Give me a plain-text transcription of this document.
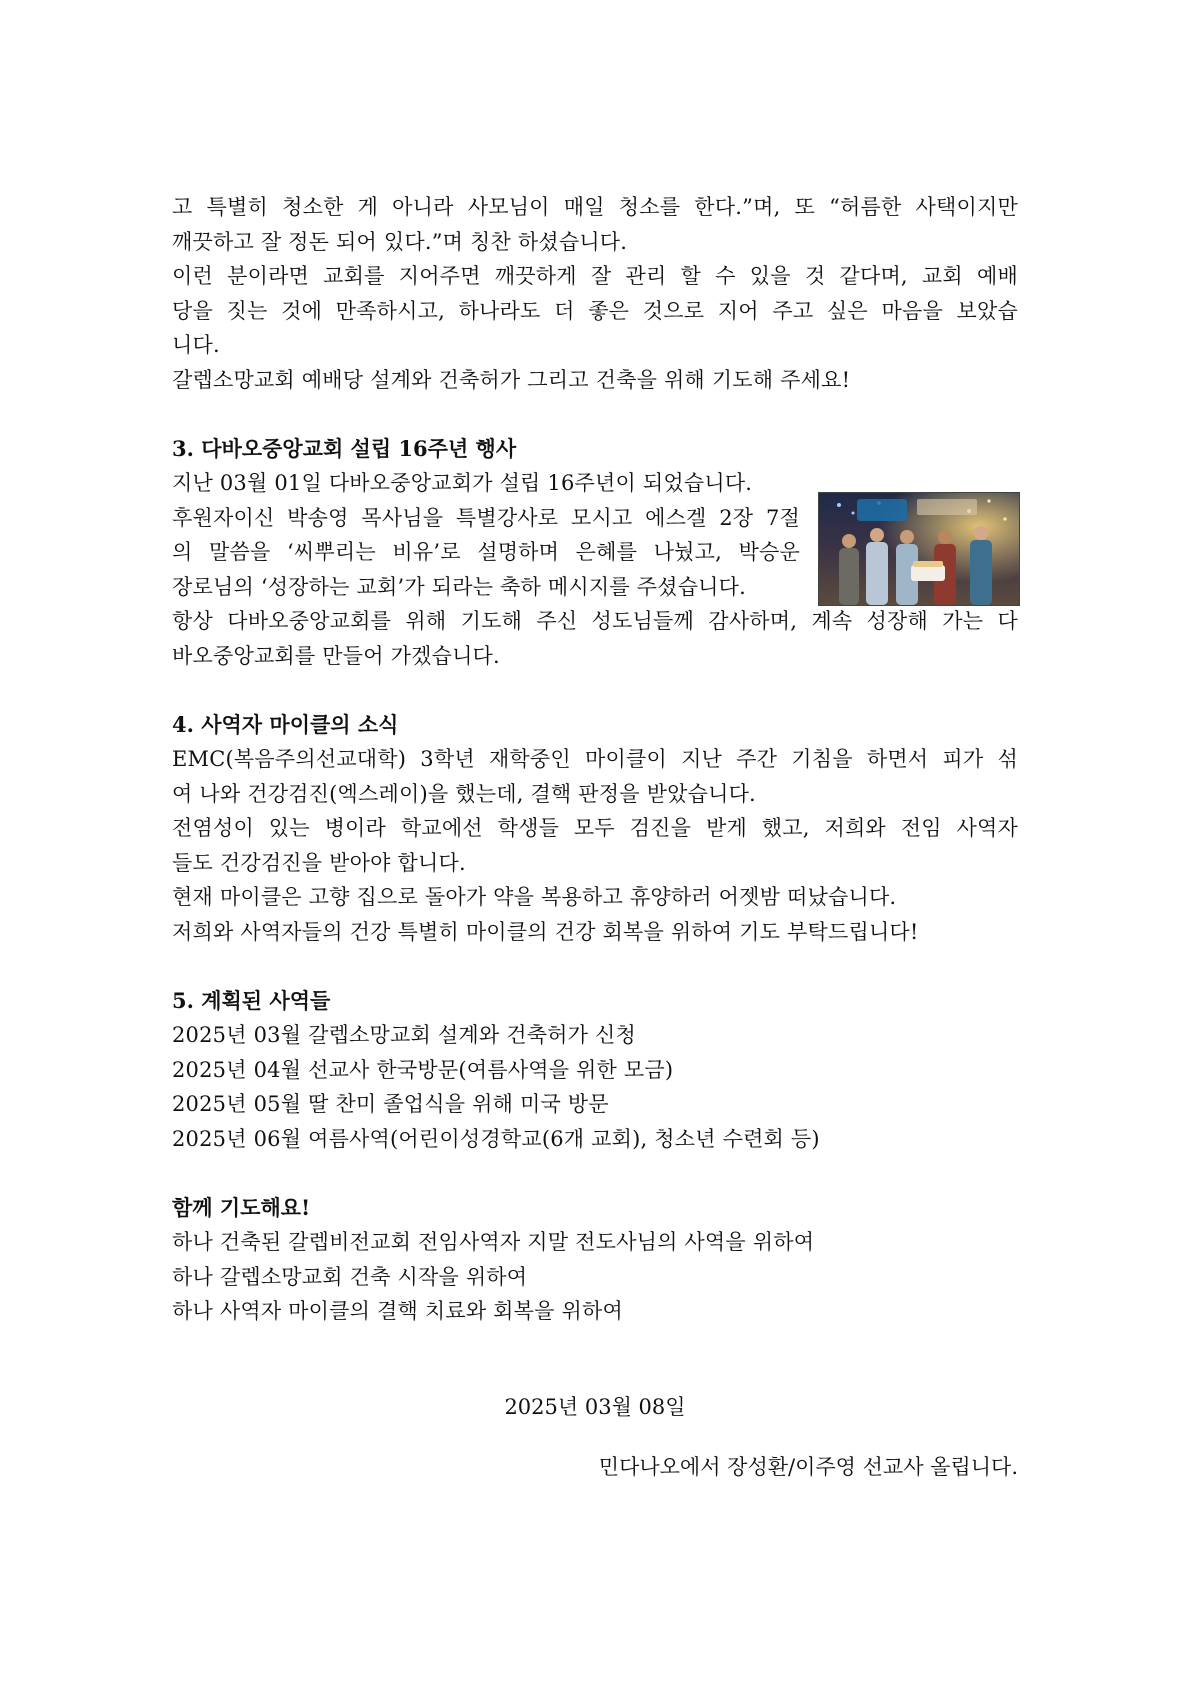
고 특별히 청소한 게 아니라 사모님이 매일 청소를 한다.”며, 또 “허름한 사택이지만
깨끗하고 잘 정돈 되어 있다.”며 칭찬 하셨습니다.
이런 분이라면 교회를 지어주면 깨끗하게 잘 관리 할 수 있을 것 같다며, 교회 예배
당을 짓는 것에 만족하시고, 하나라도 더 좋은 것으로 지어 주고 싶은 마음을 보았습
니다.
갈렙소망교회 예배당 설계와 건축허가 그리고 건축을 위해 기도해 주세요!
3. 다바오중앙교회 설립 16주년 행사
지난 03월 01일 다바오중앙교회가 설립 16주년이 되었습니다.
후원자이신 박송영 목사님을 특별강사로 모시고 에스겔 2장 7절
의 말씀을 ‘씨뿌리는 비유’로 설명하며 은혜를 나눴고, 박승운
장로님의 ‘성장하는 교회’가 되라는 축하 메시지를 주셨습니다.
항상 다바오중앙교회를 위해 기도해 주신 성도님들께 감사하며, 계속 성장해 가는 다
바오중앙교회를 만들어 가겠습니다.
4. 사역자 마이클의 소식
EMC(복음주의선교대학) 3학년 재학중인 마이클이 지난 주간 기침을 하면서 피가 섞
여 나와 건강검진(엑스레이)을 했는데, 결핵 판정을 받았습니다.
전염성이 있는 병이라 학교에선 학생들 모두 검진을 받게 했고, 저희와 전임 사역자
들도 건강검진을 받아야 합니다.
현재 마이클은 고향 집으로 돌아가 약을 복용하고 휴양하러 어젯밤 떠났습니다.
저희와 사역자들의 건강 특별히 마이클의 건강 회복을 위하여 기도 부탁드립니다!
5. 계획된 사역들
2025년 03월 갈렙소망교회 설계와 건축허가 신청
2025년 04월 선교사 한국방문(여름사역을 위한 모금)
2025년 05월 딸 찬미 졸업식을 위해 미국 방문
2025년 06월 여름사역(어린이성경학교(6개 교회), 청소년 수련회 등)
함께 기도해요!
하나 건축된 갈렙비전교회 전임사역자 지말 전도사님의 사역을 위하여
하나 갈렙소망교회 건축 시작을 위하여
하나 사역자 마이클의 결핵 치료와 회복을 위하여
2025년 03월 08일
민다나오에서 장성환/이주영 선교사 올립니다.
